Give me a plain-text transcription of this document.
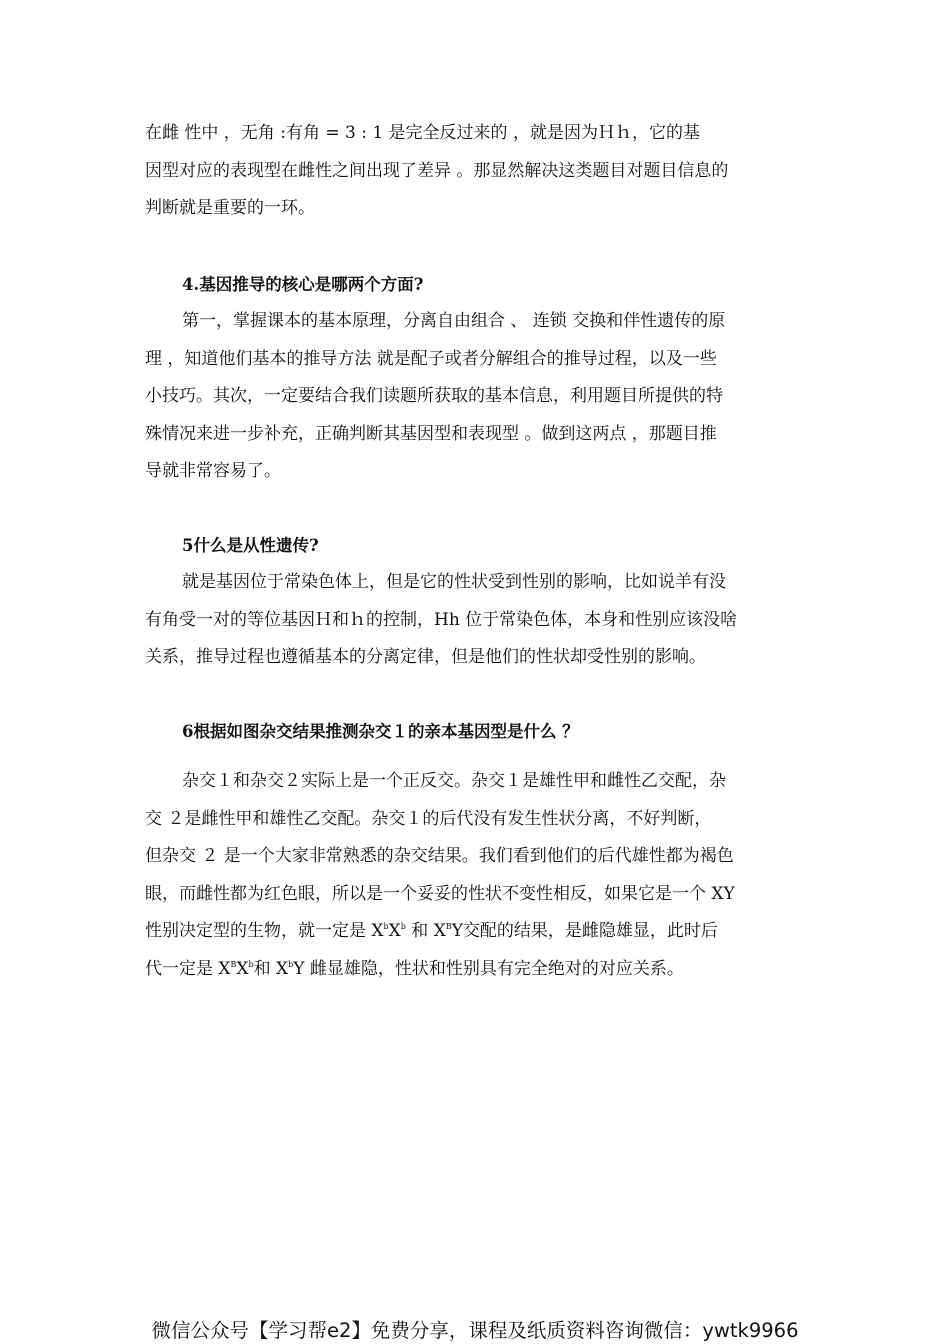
在雌 性中 ，无角 :有角 = 3 : 1 是完全反过来的 ，就是因为Ｈｈ，它的基
因型对应的表现型在雌性之间出现了差异 。那显然解决这类题目对题目信息的
判断就是重要的一环。

4.基因推导的核心是哪两个方面?

第一，掌握课本的基本原理，分离自由组合 、 连锁 交换和伴性遗传的原
理 ，知道他们基本的推导方法 就是配子或者分解组合的推导过程，以及一些
小技巧。其次，一定要结合我们读题所获取的基本信息，利用题目所提供的特
殊情况来进一步补充，正确判断其基因型和表现型 。做到这两点 ，那题目推
导就非常容易了。

5什么是从性遗传?

就是基因位于常染色体上，但是它的性状受到性别的影响，比如说羊有没
有角受一对的等位基因Ｈ和ｈ的控制，Hh 位于常染色体，本身和性别应该没啥
关系，推导过程也遵循基本的分离定律，但是他们的性状却受性别的影响。

6根据如图杂交结果推测杂交１的亲本基因型是什么 ？

杂交１和杂交２实际上是一个正反交。杂交１是雄性甲和雌性乙交配，杂
交 ２是雌性甲和雄性乙交配。杂交１的后代没有发生性状分离，不好判断，
但杂交 ２ 是一个大家非常熟悉的杂交结果。我们看到他们的后代雄性都为褐色
眼，而雌性都为红色眼，所以是一个妥妥的性状不变性相反，如果它是一个 XY
性别决定型的生物，就一定是 $X^bX^b$ 和 $X^BY$交配的结果，是雌隐雄显，此时后
代一定是 $X^BX^b$和 $X^bY$ 雌显雄隐，性状和性别具有完全绝对的对应关系。

微信公众号【学习帮e2】免费分享，课程及纸质资料咨询微信：ywtk9966
